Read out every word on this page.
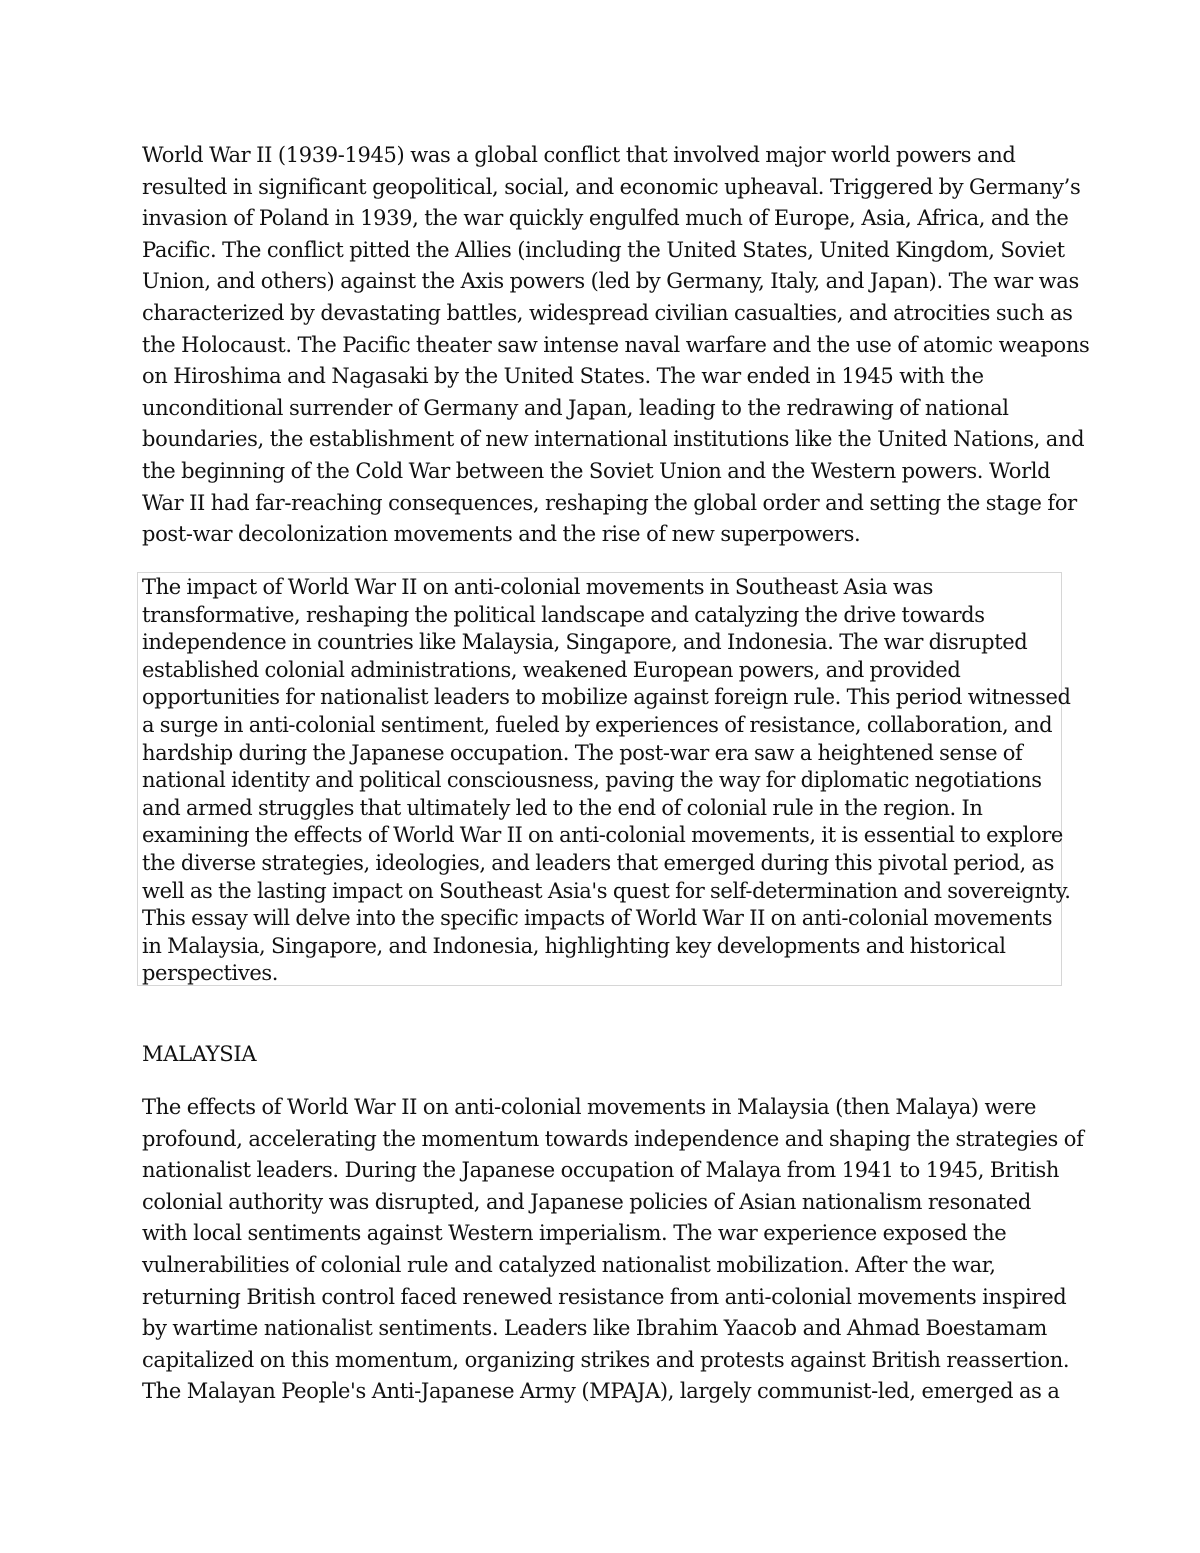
World War II (1939-1945) was a global conflict that involved major world powers and
resulted in significant geopolitical, social, and economic upheaval. Triggered by Germany’s
invasion of Poland in 1939, the war quickly engulfed much of Europe, Asia, Africa, and the
Pacific. The conflict pitted the Allies (including the United States, United Kingdom, Soviet
Union, and others) against the Axis powers (led by Germany, Italy, and Japan). The war was
characterized by devastating battles, widespread civilian casualties, and atrocities such as
the Holocaust. The Pacific theater saw intense naval warfare and the use of atomic weapons
on Hiroshima and Nagasaki by the United States. The war ended in 1945 with the
unconditional surrender of Germany and Japan, leading to the redrawing of national
boundaries, the establishment of new international institutions like the United Nations, and
the beginning of the Cold War between the Soviet Union and the Western powers. World
War II had far-reaching consequences, reshaping the global order and setting the stage for
post-war decolonization movements and the rise of new superpowers.

The impact of World War II on anti-colonial movements in Southeast Asia was
transformative, reshaping the political landscape and catalyzing the drive towards
independence in countries like Malaysia, Singapore, and Indonesia. The war disrupted
established colonial administrations, weakened European powers, and provided
opportunities for nationalist leaders to mobilize against foreign rule. This period witnessed
a surge in anti-colonial sentiment, fueled by experiences of resistance, collaboration, and
hardship during the Japanese occupation. The post-war era saw a heightened sense of
national identity and political consciousness, paving the way for diplomatic negotiations
and armed struggles that ultimately led to the end of colonial rule in the region. In
examining the effects of World War II on anti-colonial movements, it is essential to explore
the diverse strategies, ideologies, and leaders that emerged during this pivotal period, as
well as the lasting impact on Southeast Asia's quest for self-determination and sovereignty.
This essay will delve into the specific impacts of World War II on anti-colonial movements
in Malaysia, Singapore, and Indonesia, highlighting key developments and historical
perspectives.

MALAYSIA

The effects of World War II on anti-colonial movements in Malaysia (then Malaya) were
profound, accelerating the momentum towards independence and shaping the strategies of
nationalist leaders. During the Japanese occupation of Malaya from 1941 to 1945, British
colonial authority was disrupted, and Japanese policies of Asian nationalism resonated
with local sentiments against Western imperialism. The war experience exposed the
vulnerabilities of colonial rule and catalyzed nationalist mobilization. After the war,
returning British control faced renewed resistance from anti-colonial movements inspired
by wartime nationalist sentiments. Leaders like Ibrahim Yaacob and Ahmad Boestamam
capitalized on this momentum, organizing strikes and protests against British reassertion.
The Malayan People's Anti-Japanese Army (MPAJA), largely communist-led, emerged as a
